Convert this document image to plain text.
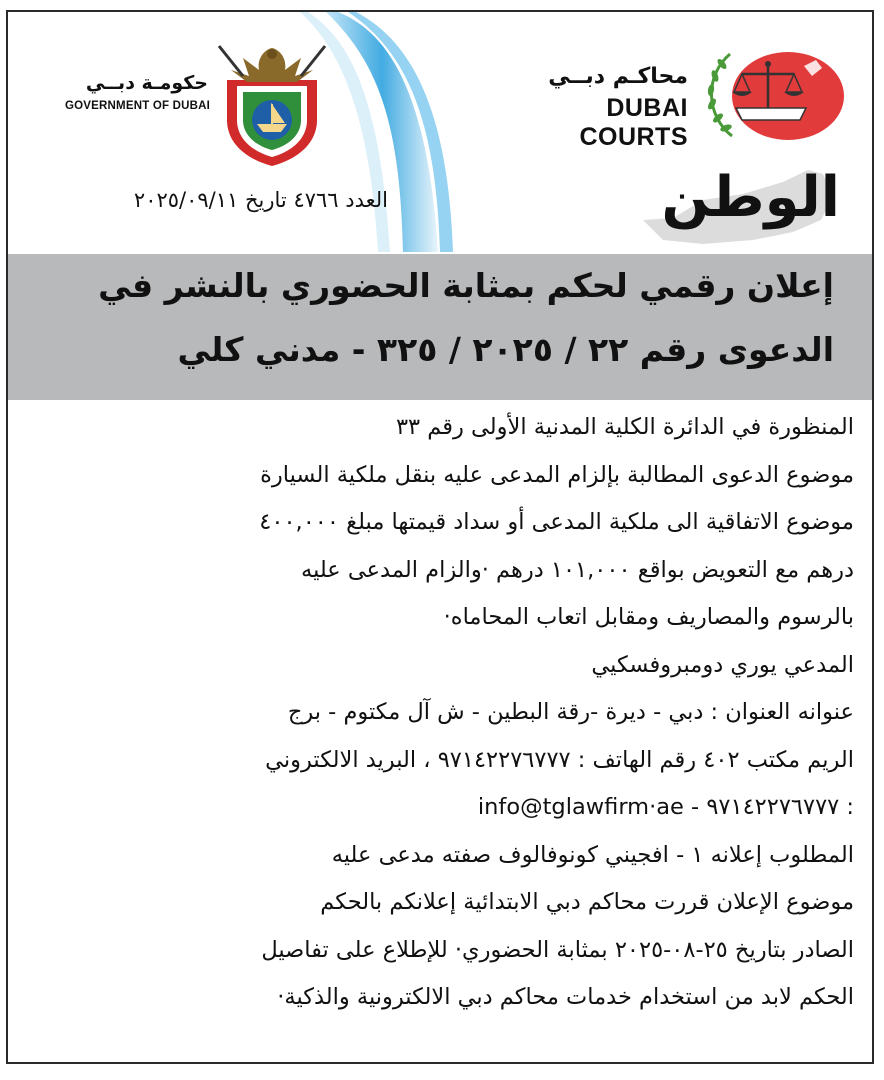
حكومـة دبــي
GOVERNMENT OF DUBAI
محاكـم دبــي
DUBAI COURTS
العدد ٤٧٦٦ تاريخ ٢٠٢٥/٠٩/١١	الوطن
إعلان رقمي لحكم بمثابة الحضوري بالنشر في
الدعوى رقم ٢٢ / ٢٠٢٥ / ٣٢٥ - مدني كلي
المنظورة في الدائرة الكلية المدنية الأولى رقم ٣٣
موضوع الدعوى المطالبة بإلزام المدعى عليه بنقل ملكية السيارة
موضوع الاتفاقية الى ملكية المدعى أو سداد قيمتها مبلغ ٤٠٠,٠٠٠
درهم مع التعويض بواقع ١٠١,٠٠٠ درهم ·والزام المدعى عليه
بالرسوم والمصاريف ومقابل اتعاب المحاماه·
المدعي يوري دومبروفسكيي
عنوانه العنوان : دبي - ديرة -رقة البطين - ش آل مكتوم - برج
الريم مكتب ٤٠٢ رقم الهاتف : ٩٧١٤٢٢٧٦٧٧٧ ، البريد الالكتروني
: ٩٧١٤٢٢٧٦٧٧٧ - info@tglawfirm·ae
المطلوب إعلانه ١ - افجيني كونوفالوف صفته مدعى عليه
موضوع الإعلان قررت محاكم دبي الابتدائية إعلانكم بالحكم
الصادر بتاريخ ٢٥-٠٨-٢٠٢٥ بمثابة الحضوري· للإطلاع على تفاصيل
الحكم لابد من استخدام خدمات محاكم دبي الالكترونية والذكية·
